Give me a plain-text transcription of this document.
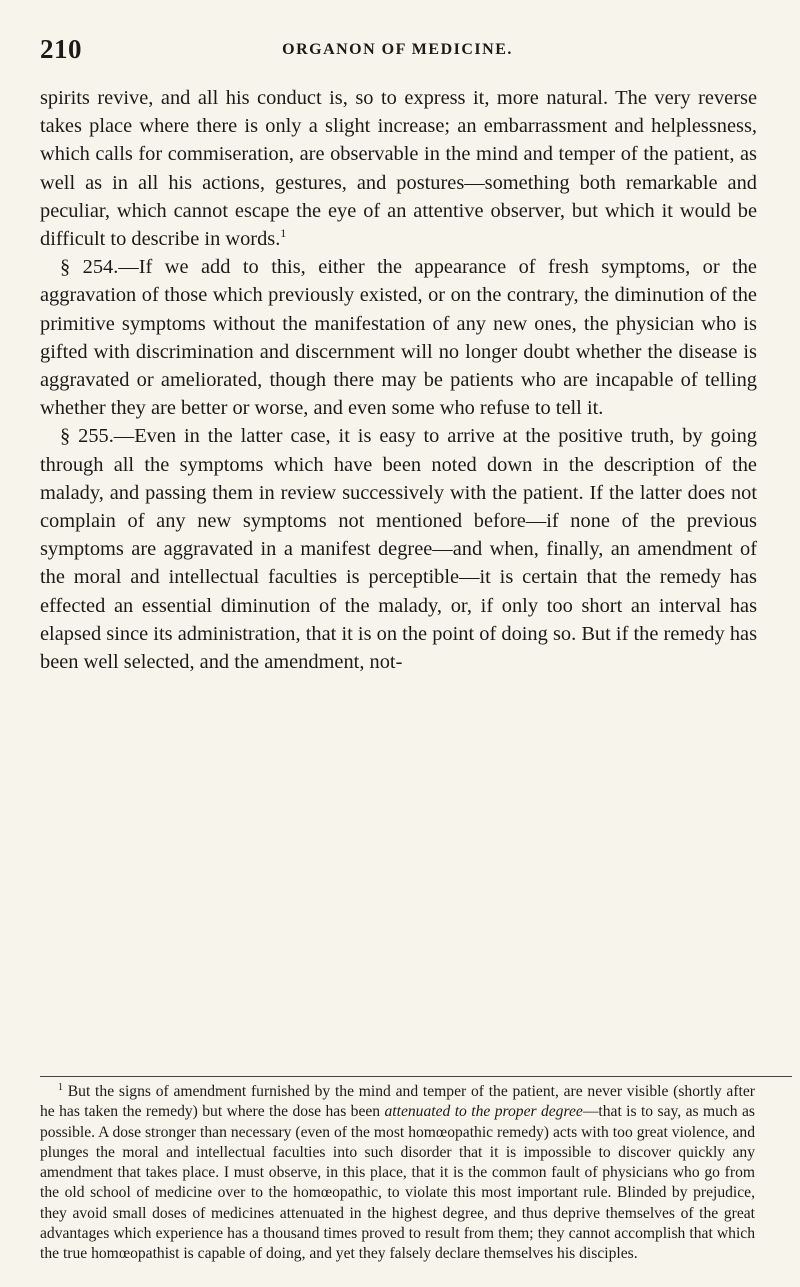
210	ORGANON OF MEDICINE.

spirits revive, and all his conduct is, so to express it, more natural. The very reverse takes place where there is only a slight increase; an embarrassment and helplessness, which calls for commiseration, are observable in the mind and temper of the patient, as well as in all his actions, gestures, and postures—something both remarkable and peculiar, which cannot escape the eye of an attentive observer, but which it would be difficult to describe in words.$^1$

§ 254.—If we add to this, either the appearance of fresh symptoms, or the aggravation of those which previously existed, or on the contrary, the diminution of the primitive symptoms without the manifestation of any new ones, the physician who is gifted with discrimination and discernment will no longer doubt whether the disease is aggravated or ameliorated, though there may be patients who are incapable of telling whether they are better or worse, and even some who refuse to tell it.

§ 255.—Even in the latter case, it is easy to arrive at the positive truth, by going through all the symptoms which have been noted down in the description of the malady, and passing them in review successively with the patient. If the latter does not complain of any new symptoms not mentioned before—if none of the previous symptoms are aggravated in a manifest degree—and when, finally, an amendment of the moral and intellectual faculties is perceptible—it is certain that the remedy has effected an essential diminution of the malady, or, if only too short an interval has elapsed since its administration, that it is on the point of doing so. But if the remedy has been well selected, and the amendment, not-

$^1$ But the signs of amendment furnished by the mind and temper of the patient, are never visible (shortly after he has taken the remedy) but where the dose has been attenuated to the proper degree—that is to say, as much as possible. A dose stronger than necessary (even of the most homœopathic remedy) acts with too great violence, and plunges the moral and intellectual faculties into such disorder that it is impossible to discover quickly any amendment that takes place. I must observe, in this place, that it is the common fault of physicians who go from the old school of medicine over to the homœopathic, to violate this most important rule. Blinded by prejudice, they avoid small doses of medicines attenuated in the highest degree, and thus deprive themselves of the great advantages which experience has a thousand times proved to result from them; they cannot accomplish that which the true homœopathist is capable of doing, and yet they falsely declare themselves his disciples.
